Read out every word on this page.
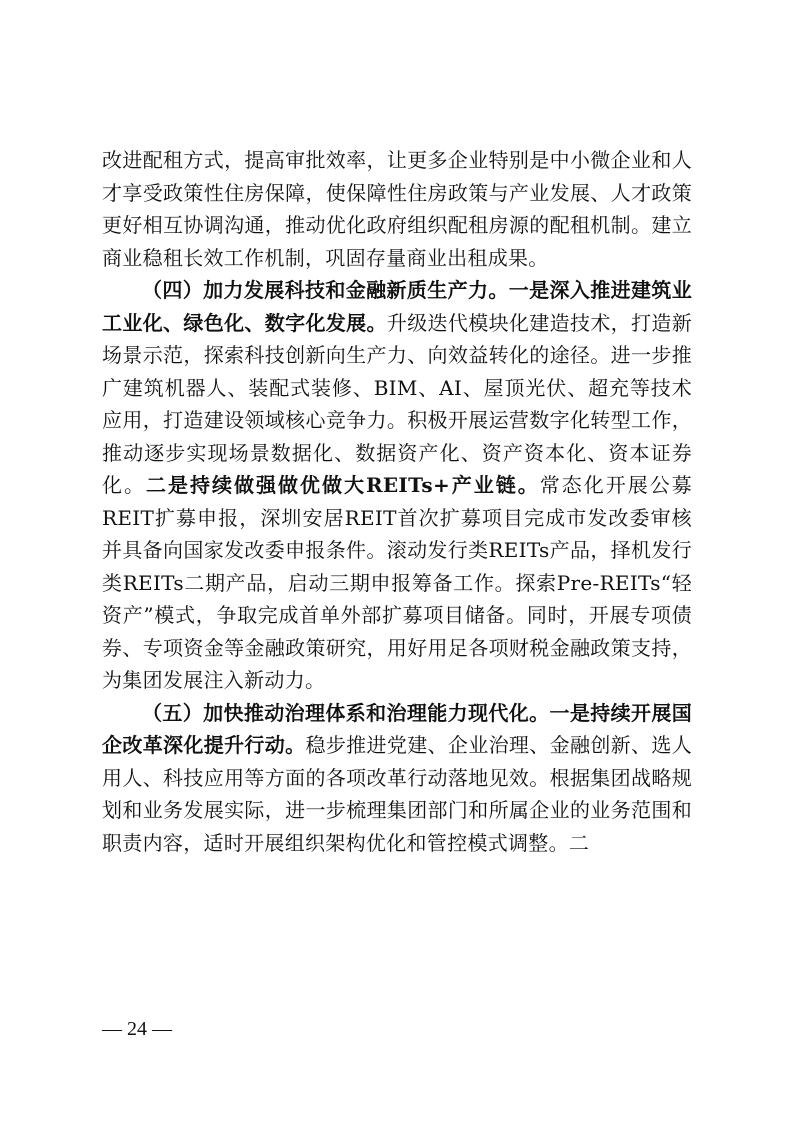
改进配租方式，提高审批效率，让更多企业特别是中小微企业和人才享受政策性住房保障，使保障性住房政策与产业发展、人才政策更好相互协调沟通，推动优化政府组织配租房源的配租机制。建立商业稳租长效工作机制，巩固存量商业出租成果。

（四）加力发展科技和金融新质生产力。一是深入推进建筑业工业化、绿色化、数字化发展。升级迭代模块化建造技术，打造新场景示范，探索科技创新向生产力、向效益转化的途径。进一步推广建筑机器人、装配式装修、BIM、AI、屋顶光伏、超充等技术应用，打造建设领域核心竞争力。积极开展运营数字化转型工作，推动逐步实现场景数据化、数据资产化、资产资本化、资本证券化。二是持续做强做优做大REITs+产业链。常态化开展公募REIT扩募申报，深圳安居REIT首次扩募项目完成市发改委审核并具备向国家发改委申报条件。滚动发行类REITs产品，择机发行类REITs二期产品，启动三期申报筹备工作。探索Pre-REITs“轻资产”模式，争取完成首单外部扩募项目储备。同时，开展专项债券、专项资金等金融政策研究，用好用足各项财税金融政策支持，为集团发展注入新动力。

（五）加快推动治理体系和治理能力现代化。一是持续开展国企改革深化提升行动。稳步推进党建、企业治理、金融创新、选人用人、科技应用等方面的各项改革行动落地见效。根据集团战略规划和业务发展实际，进一步梳理集团部门和所属企业的业务范围和职责内容，适时开展组织架构优化和管控模式调整。二

— 24 —
